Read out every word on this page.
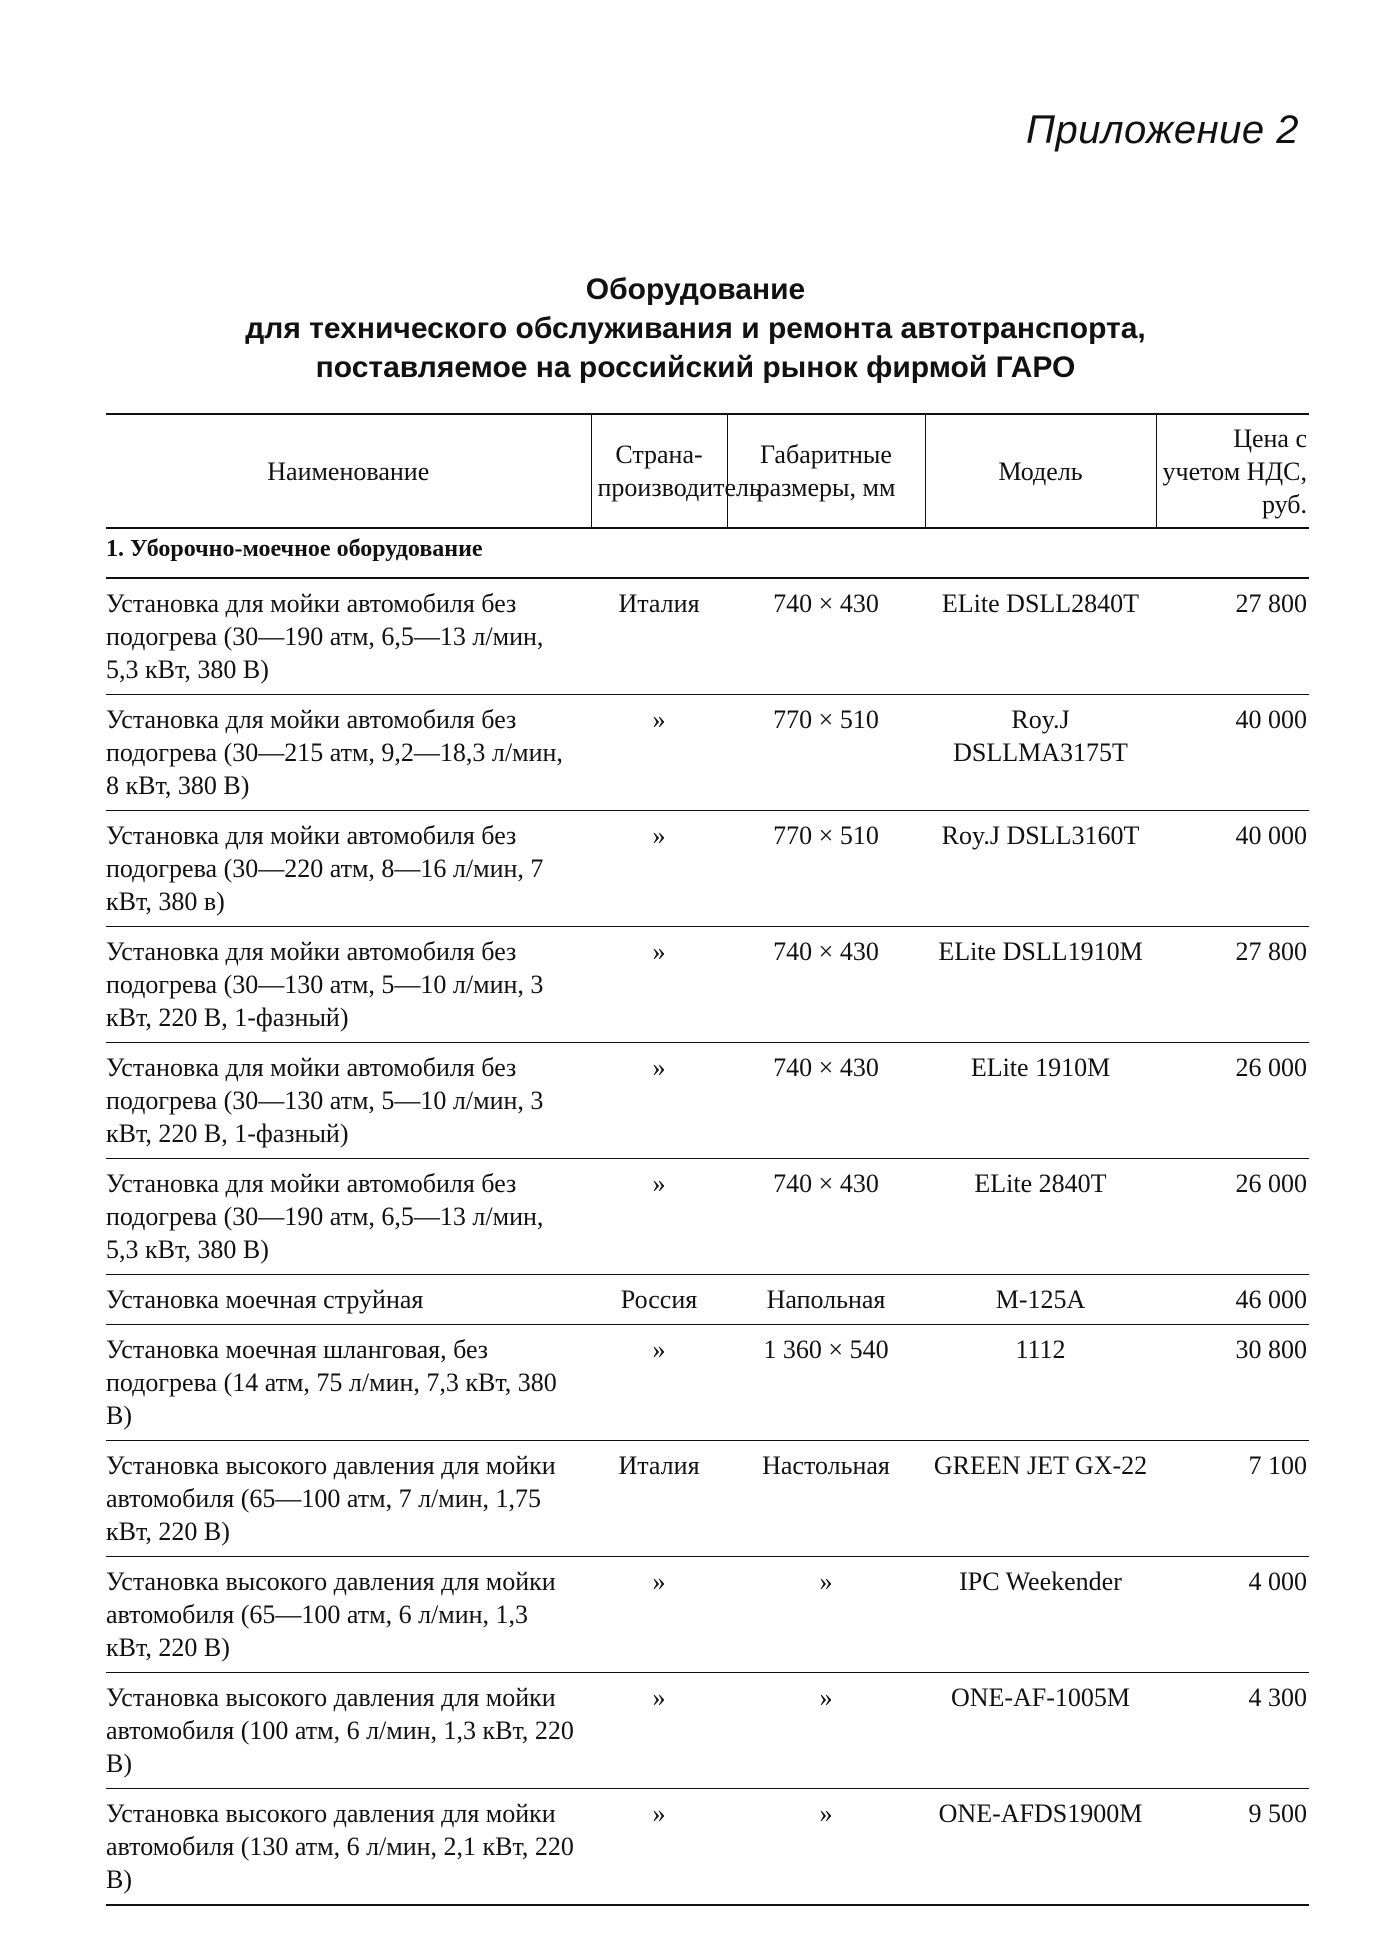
Приложение 2

Оборудование
для технического обслуживания и ремонта автотранспорта,
поставляемое на российский рынок фирмой ГАРО
Наименование	Страна-производитель	Габаритные размеры, мм	Модель	Цена с учетом НДС, руб.
1. Уборочно-моечное оборудование				
Установка для мойки автомобиля без подогрева (30—190 атм, 6,5—13 л/мин, 5,3 кВт, 380 В)	Италия	740 × 430	ELite DSLL2840T	27 800
Установка для мойки автомобиля без подогрева (30—215 атм, 9,2—18,3 л/мин, 8 кВт, 380 В)	»	770 × 510	Roy.J DSLLMA3175T	40 000
Установка для мойки автомобиля без подогрева (30—220 атм, 8—16 л/мин, 7 кВт, 380 в)	»	770 × 510	Roy.J DSLL3160T	40 000
Установка для мойки автомобиля без подогрева (30—130 атм, 5—10 л/мин, 3 кВт, 220 В, 1-фазный)	»	740 × 430	ELite DSLL1910M	27 800
Установка для мойки автомобиля без подогрева (30—130 атм, 5—10 л/мин, 3 кВт, 220 В, 1-фазный)	»	740 × 430	ELite 1910M	26 000
Установка для мойки автомобиля без подогрева (30—190 атм, 6,5—13 л/мин, 5,3 кВт, 380 В)	»	740 × 430	ELite 2840T	26 000
Установка моечная струйная	Россия	Напольная	М-125А	46 000
Установка моечная шланговая, без подогрева (14 атм, 75 л/мин, 7,3 кВт, 380 В)	»	1 360 × 540	1112	30 800
Установка высокого давления для мойки автомобиля (65—100 атм, 7 л/мин, 1,75 кВт, 220 В)	Италия	Настольная	GREEN JET GX-22	7 100
Установка высокого давления для мойки автомобиля (65—100 атм, 6 л/мин, 1,3 кВт, 220 В)	»	»	IPC Weekender	4 000
Установка высокого давления для мойки автомобиля (100 атм, 6 л/мин, 1,3 кВт, 220 В)	»	»	ONE-AF-1005M	4 300
Установка высокого давления для мойки автомобиля (130 атм, 6 л/мин, 2,1 кВт, 220 В)	»	»	ONE-AFDS1900M	9 500
